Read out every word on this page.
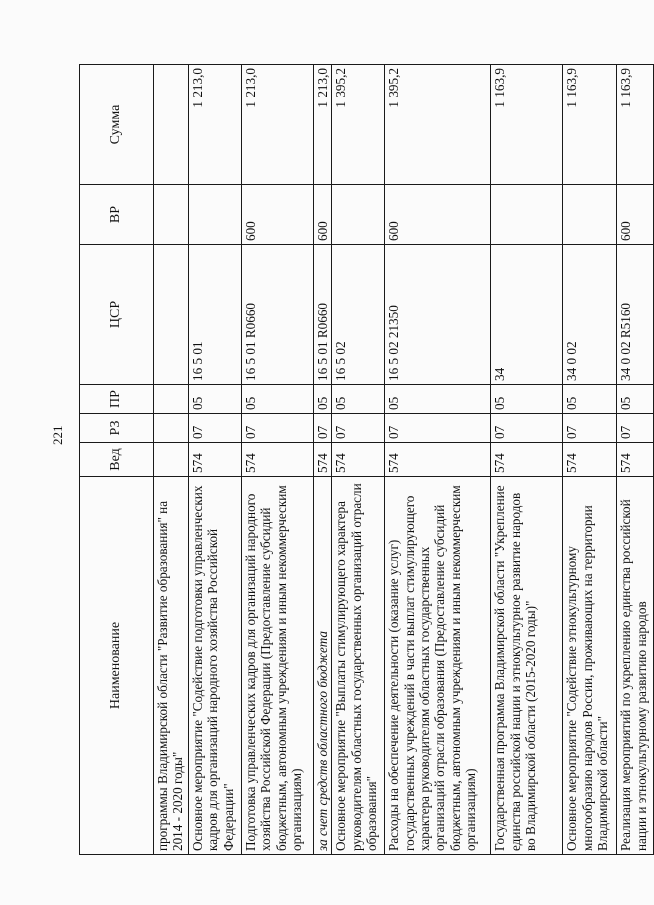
221
Наименование	Вед	РЗ	ПР	ЦСР	ВР	Сумма
программы Владимирской области "Развитие образования" на 2014 - 2020 годы"						
Основное мероприятие "Содействие подготовки управленческих кадров для организаций народного хозяйства Российской Федерации"	574	07	05	16 5 01		1 213,0
Подготовка управленческих кадров для организаций народного хозяйства Российской Федерации (Предоставление субсидий бюджетным, автономным учреждениям и иным некоммерческим организациям)	574	07	05	16 5 01 R0660	600	1 213,0
за счет средств областного бюджета	574	07	05	16 5 01 R0660	600	1 213,0
Основное мероприятие "Выплаты стимулирующего характера руководителям областных государственных организаций отрасли образования"	574	07	05	16 5 02		1 395,2
Расходы на обеспечение деятельности (оказание услуг) государственных учреждений в части выплат стимулирующего характера руководителям областных государственных организаций отрасли образования (Предоставление субсидий бюджетным, автономным учреждениям и иным некоммерческим организациям)	574	07	05	16 5 02 21350	600	1 395,2
Государственная программа Владимирской области "Укрепление единства российской нации и этнокультурное развитие народов во Владимирской области (2015-2020 годы)"	574	07	05	34		1 163,9
Основное мероприятие "Содействие этнокультурному многообразию народов России, проживающих на территории Владимирской области"	574	07	05	34 0 02		1 163,9
Реализация мероприятий по укреплению единства российской нации и этнокультурному развитию народов	574	07	05	34 0 02 R5160	600	1 163,9
